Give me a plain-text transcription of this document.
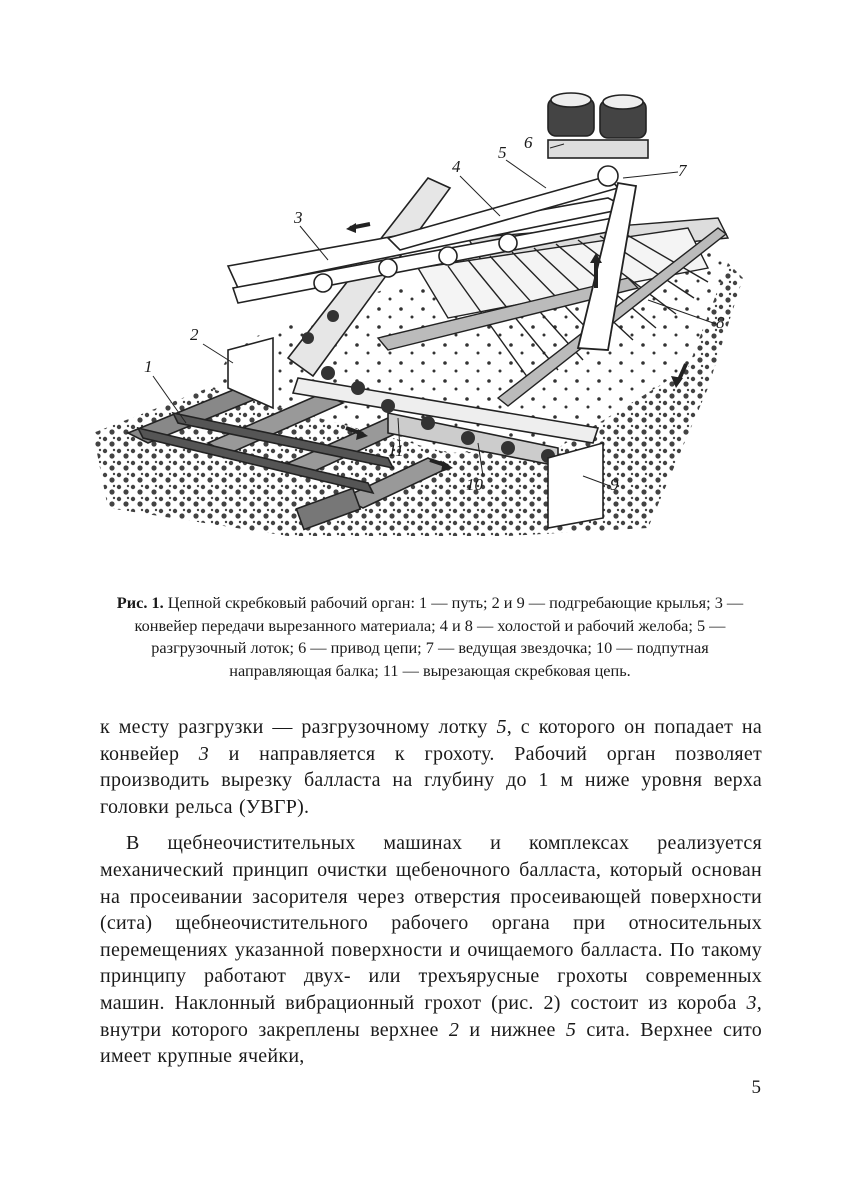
1
2
3
4
5
6
7
8
9
10
11
Рис. 1. Цепной скребковый рабочий орган: 1 — путь; 2 и 9 — подгребающие крылья; 3 — конвейер передачи вырезанного материала; 4 и 8 — холостой и рабочий желоба; 5 — разгрузочный лоток; 6 — привод цепи; 7 — ведущая звездочка; 10 — подпутная направляющая балка; 11 — вырезающая скребковая цепь.

к месту разгрузки — разгрузочному лотку 5, с которого он попадает на конвейер 3 и направляется к грохоту. Рабочий орган позволяет производить вырезку балласта на глубину до 1 м ниже уровня верха головки рельса (УВГР).

В щебнеочистительных машинах и комплексах реализуется механический принцип очистки щебеночного балласта, который основан на просеивании засорителя через отверстия просеивающей поверхности (сита) щебнеочистительного рабочего органа при относительных перемещениях указанной поверхности и очищаемого балласта. По такому принципу работают двух- или трехъярусные грохоты современных машин. Наклонный вибрационный грохот (рис. 2) состоит из короба 3, внутри которого закреплены верхнее 2 и нижнее 5 сита. Верхнее сито имеет крупные ячейки,

5
